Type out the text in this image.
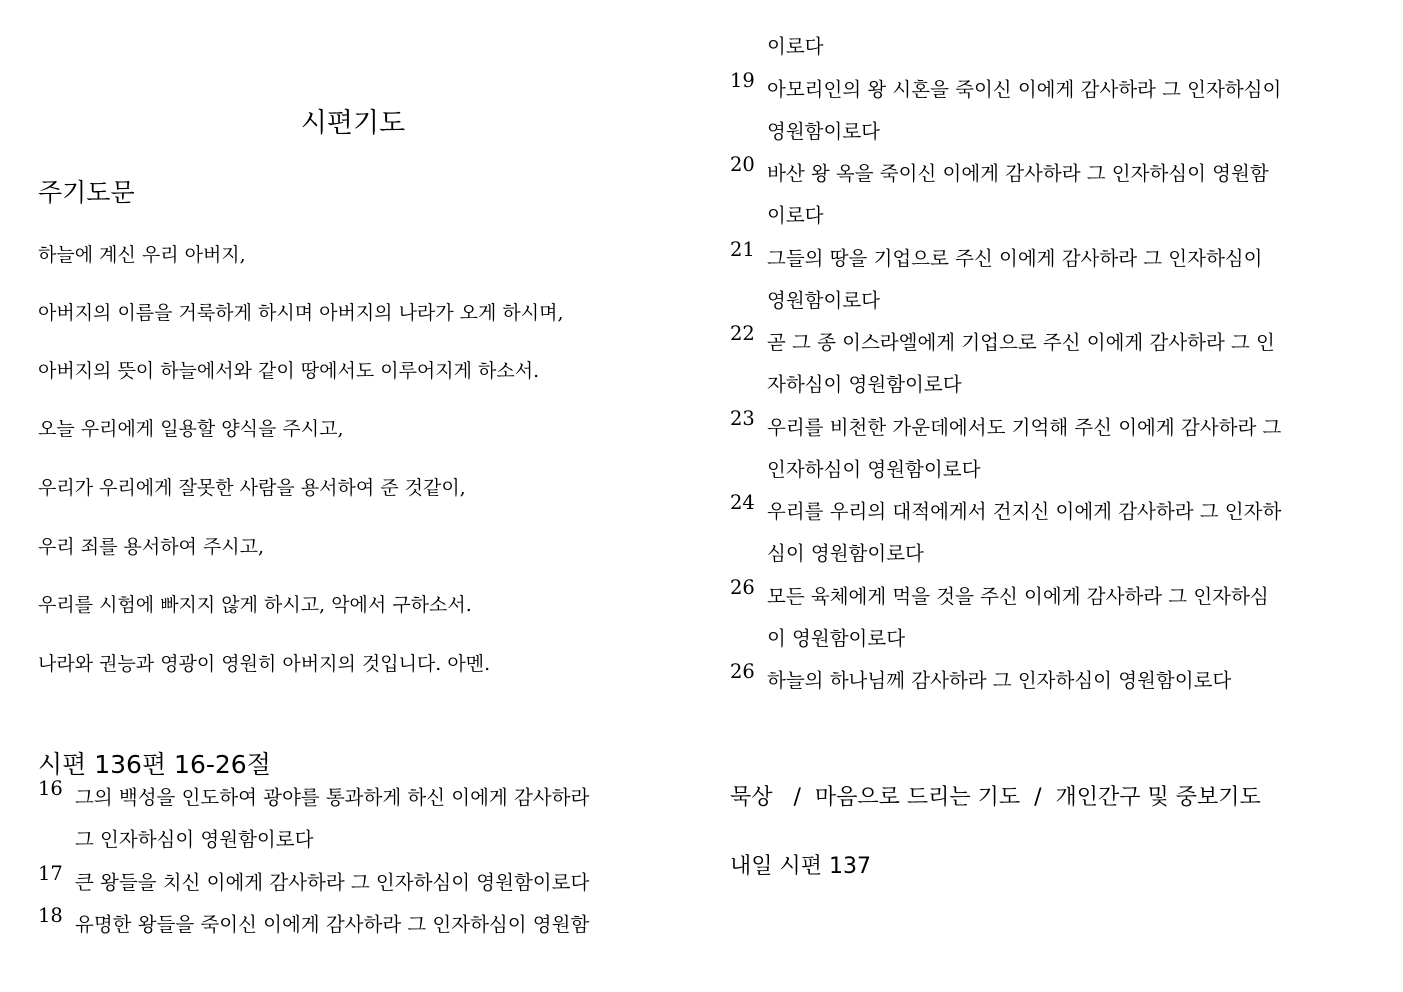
시편기도
주기도문

하늘에 계신 우리 아버지,

아버지의 이름을 거룩하게 하시며 아버지의 나라가 오게 하시며,

아버지의 뜻이 하늘에서와 같이 땅에서도 이루어지게 하소서.

오늘 우리에게 일용할 양식을 주시고,

우리가 우리에게 잘못한 사람을 용서하여 준 것같이,

우리 죄를 용서하여 주시고,

우리를 시험에 빠지지 않게 하시고, 악에서 구하소서.

나라와 권능과 영광이 영원히 아버지의 것입니다. 아멘.

시편 136편 16-26절
16 그의 백성을 인도하여 광야를 통과하게 하신 이에게 감사하라
그 인자하심이 영원함이로다
17 큰 왕들을 치신 이에게 감사하라 그 인자하심이 영원함이로다
18 유명한 왕들을 죽이신 이에게 감사하라 그 인자하심이 영원함
이로다
19 아모리인의 왕 시혼을 죽이신 이에게 감사하라 그 인자하심이
영원함이로다
20 바산 왕 옥을 죽이신 이에게 감사하라 그 인자하심이 영원함
이로다
21 그들의 땅을 기업으로 주신 이에게 감사하라 그 인자하심이
영원함이로다
22 곧 그 종 이스라엘에게 기업으로 주신 이에게 감사하라 그 인
자하심이 영원함이로다
23 우리를 비천한 가운데에서도 기억해 주신 이에게 감사하라 그
인자하심이 영원함이로다
24 우리를 우리의 대적에게서 건지신 이에게 감사하라 그 인자하
심이 영원함이로다
26 모든 육체에게 먹을 것을 주신 이에게 감사하라 그 인자하심
이 영원함이로다
26 하늘의 하나님께 감사하라 그 인자하심이 영원함이로다

묵상   /  마음으로 드리는 기도  /  개인간구 및 중보기도

내일 시편 137
